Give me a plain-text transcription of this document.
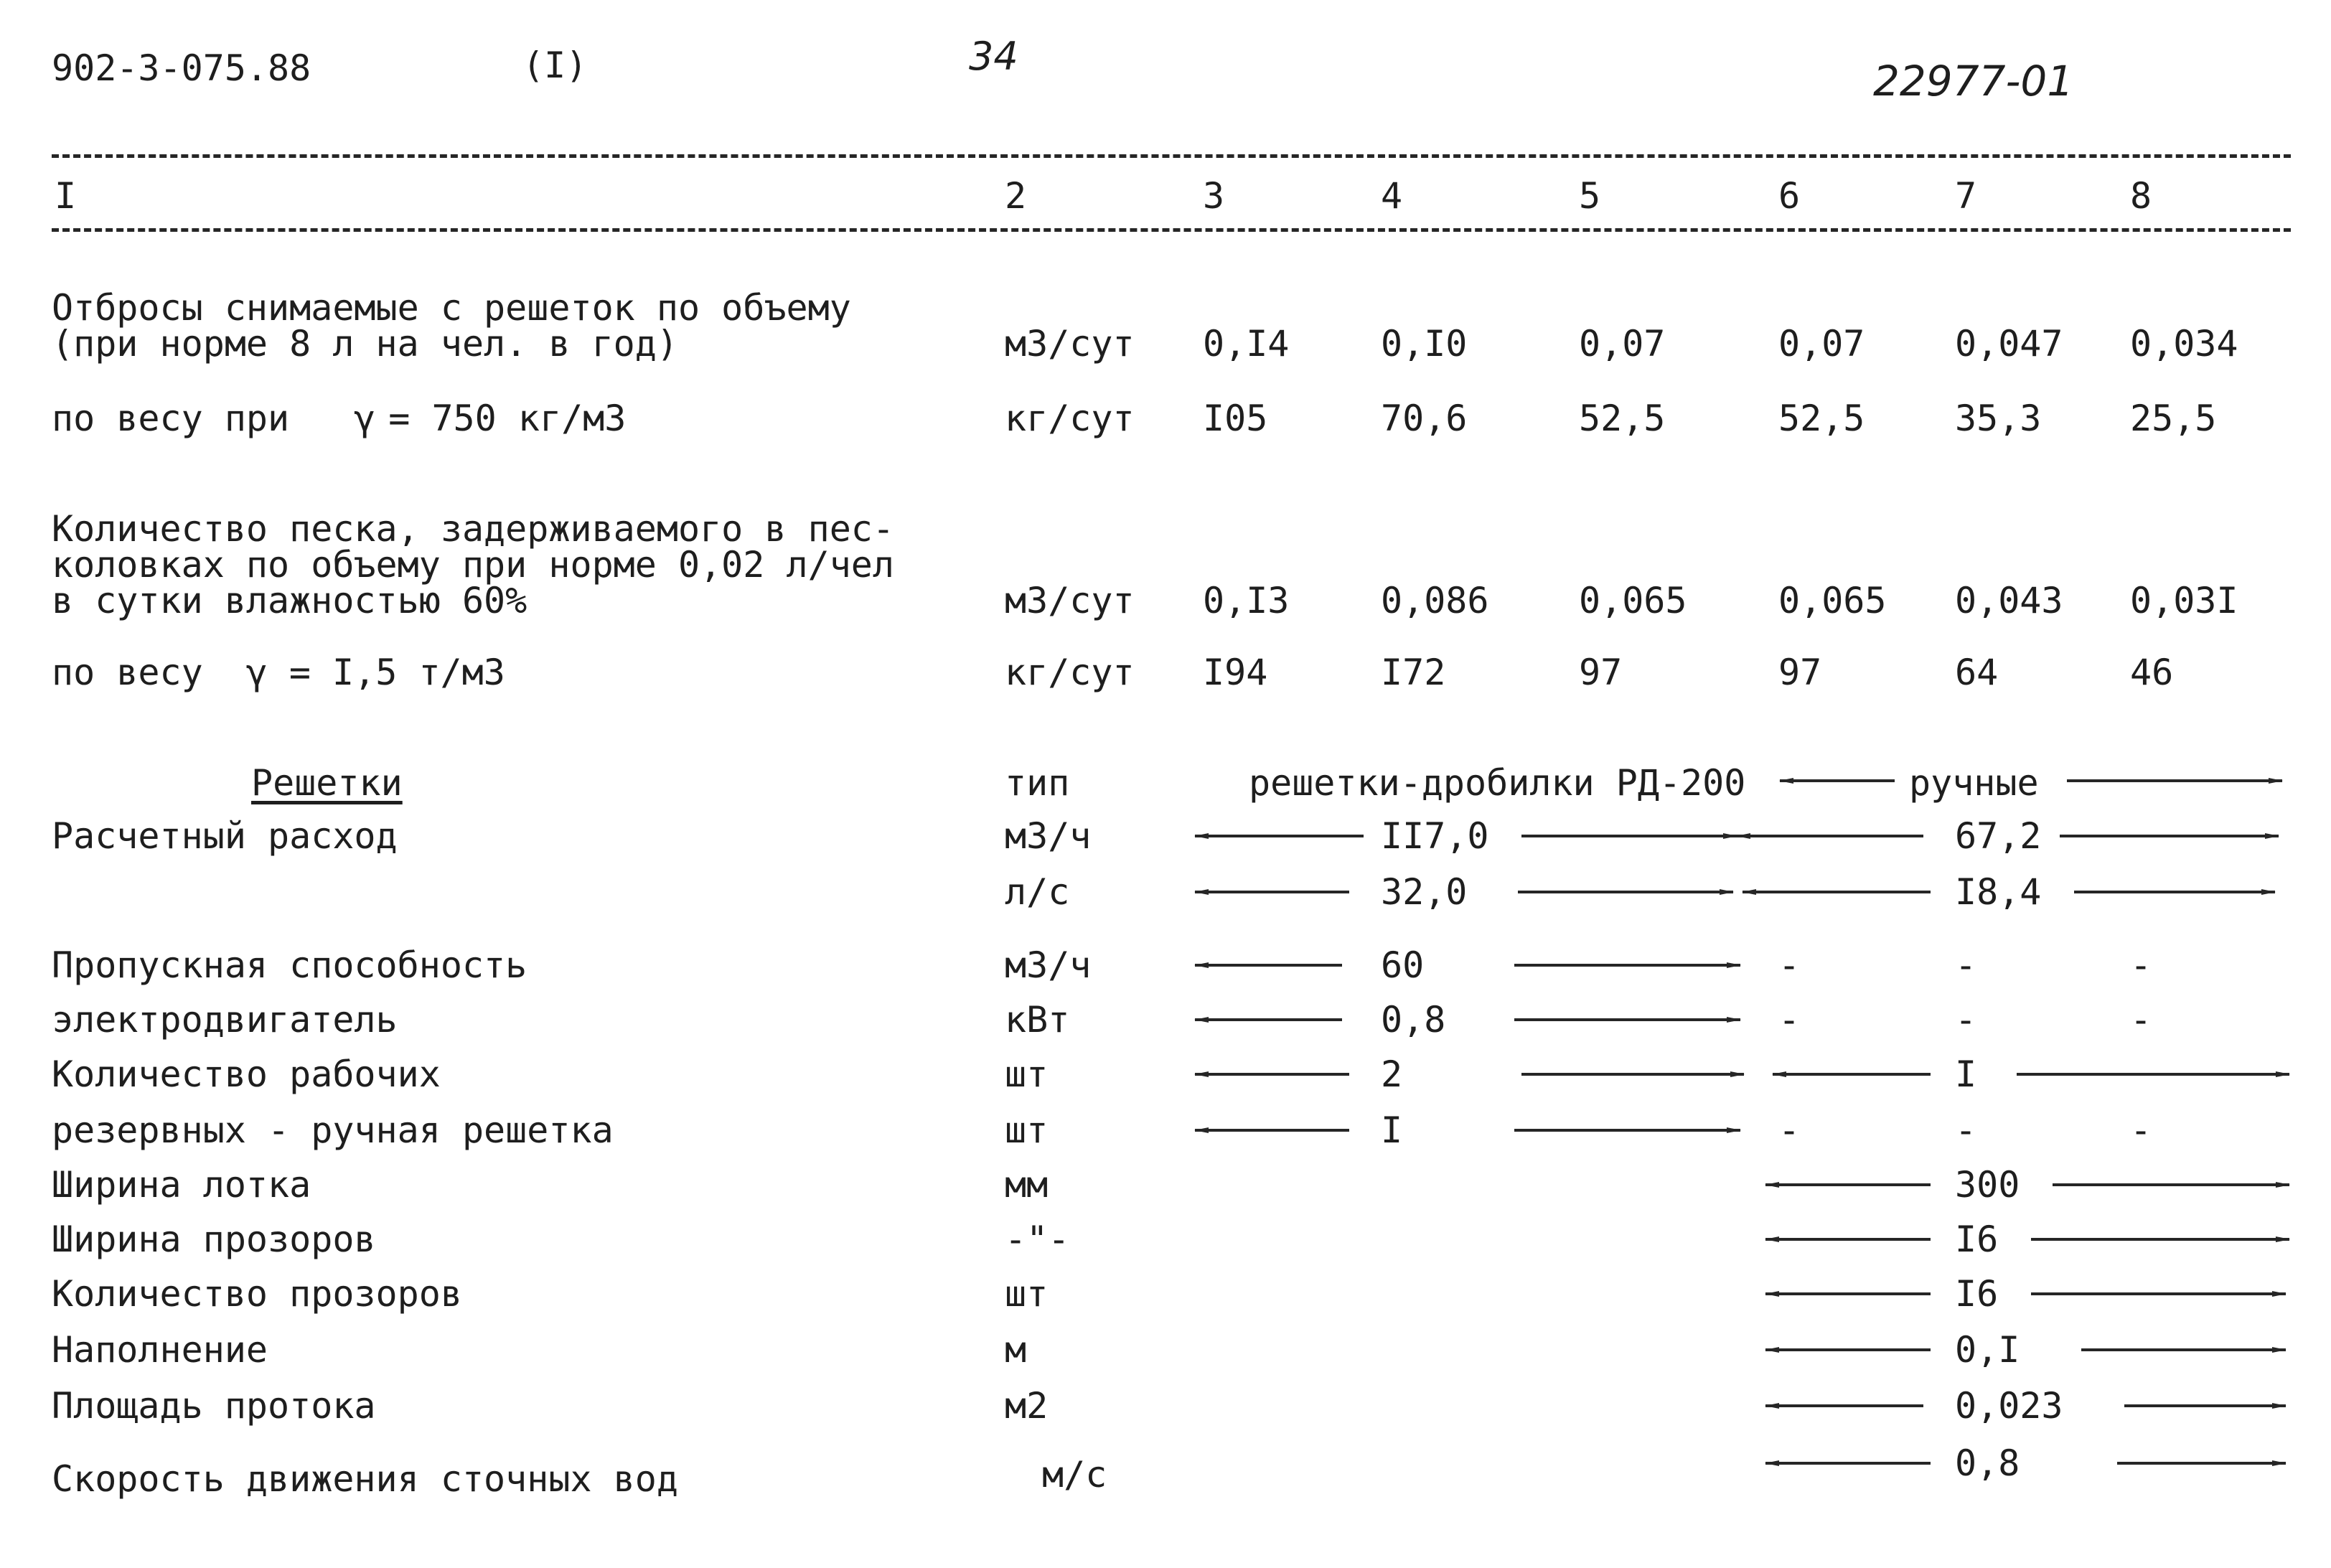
902-3-075.88	(I)	34
22977-01
I	2	3	4	5	6	7	8
Отбросы снимаемые с решеток по объему
(при норме 8 л на чел. в год)	м3/сут 0,I4	0,I0	0,07	0,07	0,047 0,034
по весу при γ = 750 кг/м3	кг/сут I05	70,6	52,5	52,5	35,3 25,5
Количество песка, задерживаемого в пес-
коловках по объему при норме 0,02 л/чел
в сутки влажностью 60%	м3/сут 0,I3	0,086	0,065	0,065 0,043 0,03I
по весу γ = I,5 т/м3	кг/сут I94	I72	97	97	64	46
Решетки	тип	решетки-дробилки РД-200	ручные
Расчетный расход	м3/ч	II7,0	67,2
л/с	32,0	I8,4
Пропускная способность	м3/ч	60	-	-	-
электродвигатель	кВт	0,8	-	-	-
Количество рабочих	шт	2	I
резервных - ручная решетка	шт	I	-	-	-
Ширина лотка	мм	300
Ширина прозоров	-"-	I6
Количество прозоров	шт	I6
Наполнение	м	0,I
Площадь протока	м2	0,023
Скорость движения сточных вод	м/с	0,8
